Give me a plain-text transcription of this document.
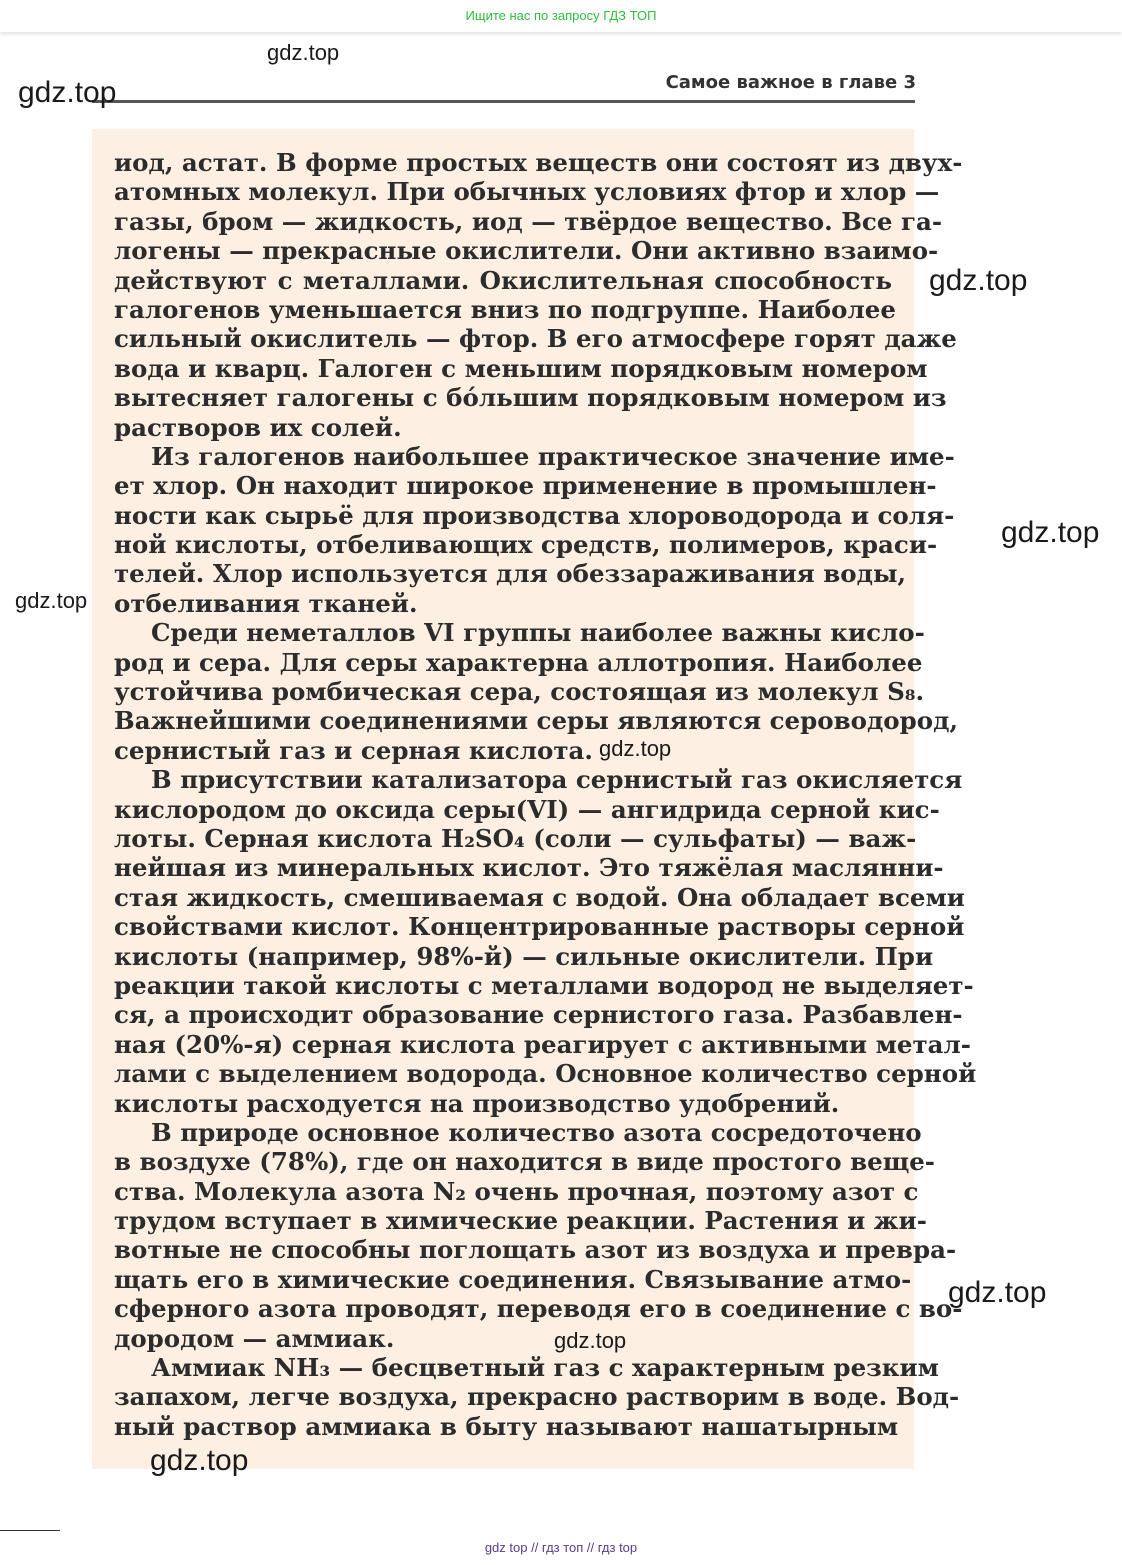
Ищите нас по запросу ГДЗ ТОП
Самое важное в главе 3
иод, астат. В форме простых веществ они состоят из двух-
атомных молекул. При обычных условиях фтор и хлор —
газы, бром — жидкость, иод — твёрдое вещество. Все га-
логены — прекрасные окислители. Они активно взаимо-
действуют с металлами. Окислительная способность
галогенов уменьшается вниз по подгруппе. Наиболее
сильный окислитель — фтор. В его атмосфере горят даже
вода и кварц. Галоген с меньшим порядковым номером
вытесняет галогены с бо́льшим порядковым номером из
растворов их солей.
Из галогенов наибольшее практическое значение име-
ет хлор. Он находит широкое применение в промышлен-
ности как сырьё для производства хлороводорода и соля-
ной кислоты, отбеливающих средств, полимеров, краси-
телей. Хлор используется для обеззараживания воды,
отбеливания тканей.
Среди неметаллов VI группы наиболее важны кисло-
род и сера. Для серы характерна аллотропия. Наиболее
устойчива ромбическая сера, состоящая из молекул S₈.
Важнейшими соединениями серы являются сероводород,
сернистый газ и серная кислота.
В присутствии катализатора сернистый газ окисляется
кислородом до оксида серы(VI) — ангидрида серной кис-
лоты. Серная кислота H₂SO₄ (соли — сульфаты) — важ-
нейшая из минеральных кислот. Это тяжёлая маслянни-
стая жидкость, смешиваемая с водой. Она обладает всеми
свойствами кислот. Концентрированные растворы серной
кислоты (например, 98%-й) — сильные окислители. При
реакции такой кислоты с металлами водород не выделяет-
ся, а происходит образование сернистого газа. Разбавлен-
ная (20%-я) серная кислота реагирует с активными метал-
лами с выделением водорода. Основное количество серной
кислоты расходуется на производство удобрений.
В природе основное количество азота сосредоточено
в воздухе (78%), где он находится в виде простого веще-
ства. Молекула азота N₂ очень прочная, поэтому азот с
трудом вступает в химические реакции. Растения и жи-
вотные не способны поглощать азот из воздуха и превра-
щать его в химические соединения. Связывание атмо-
сферного азота проводят, переводя его в соединение с во-
дородом — аммиак.
Аммиак NH₃ — бесцветный газ с характерным резким
запахом, легче воздуха, прекрасно растворим в воде. Вод-
ный раствор аммиака в быту называют нашатырным
gdz.top
gdz.top
gdz.top
gdz.top
gdz.top
gdz.top
gdz.top
gdz.top
gdz.top
gdz top // гдз топ // гдз top
